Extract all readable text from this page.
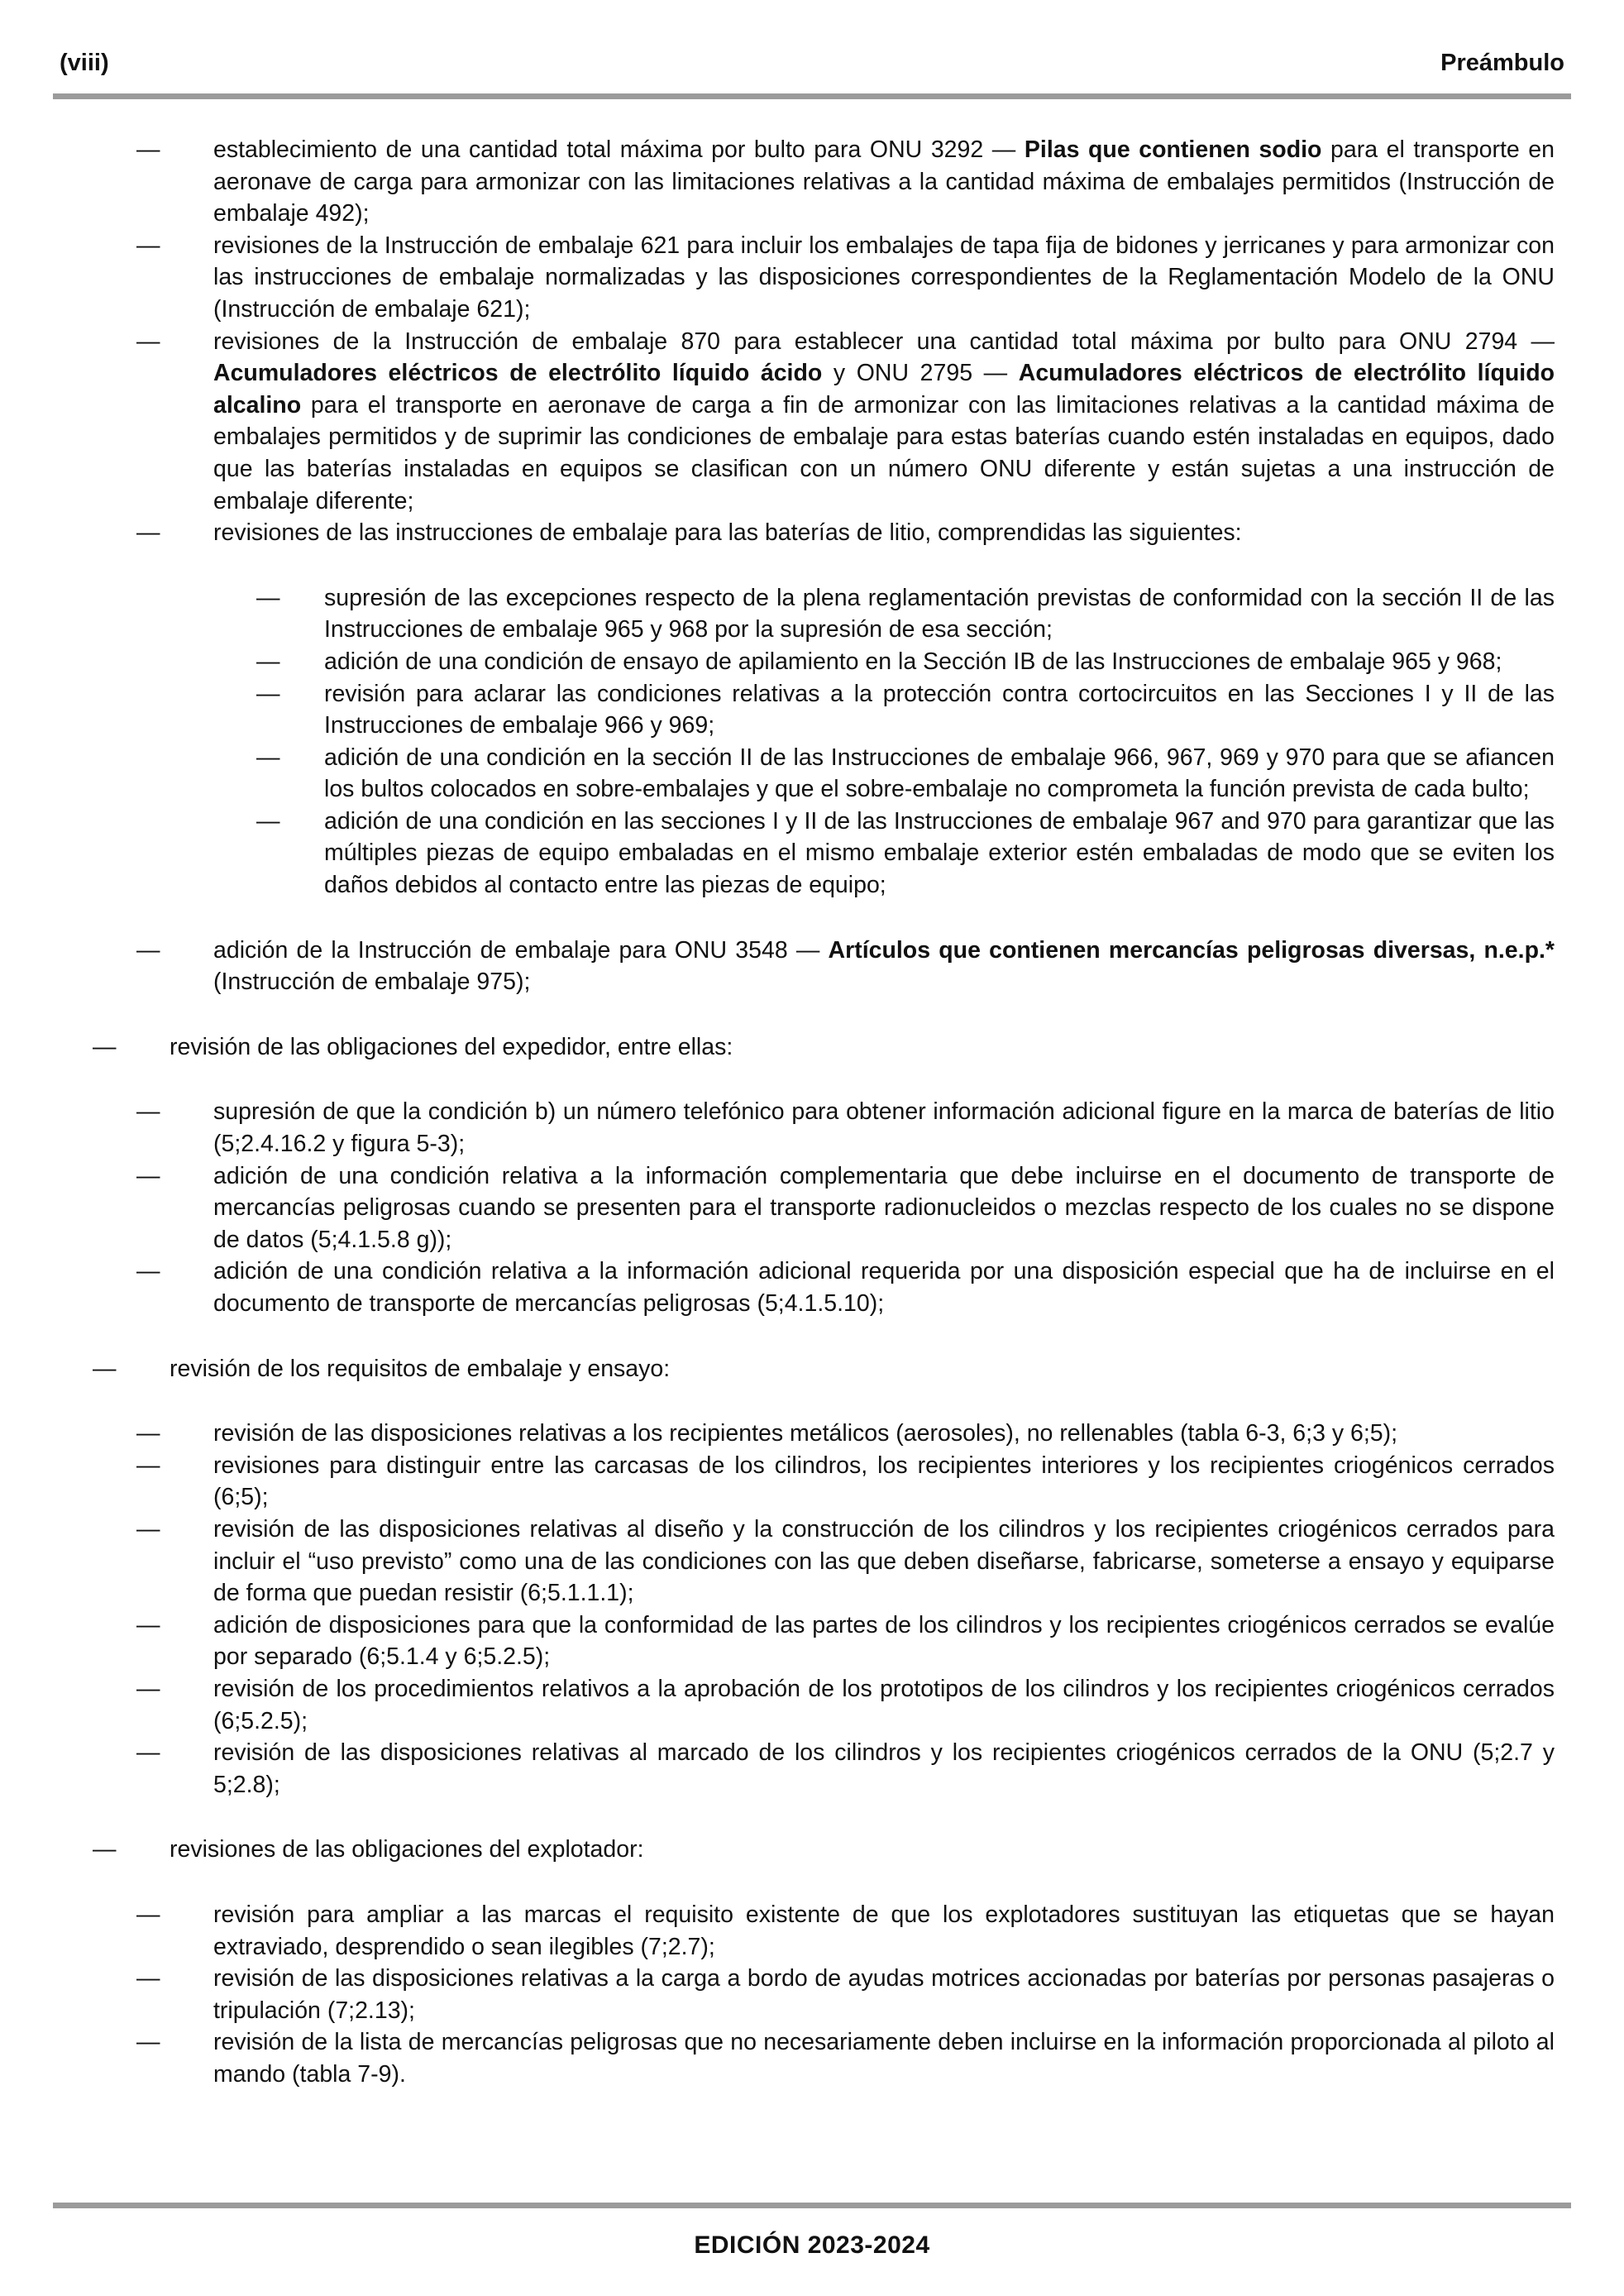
(viii)	Preámbulo
— establecimiento de una cantidad total máxima por bulto para ONU 3292 — Pilas que contienen sodio para el transporte en aeronave de carga para armonizar con las limitaciones relativas a la cantidad máxima de embalajes permitidos (Instrucción de embalaje 492);
— revisiones de la Instrucción de embalaje 621 para incluir los embalajes de tapa fija de bidones y jerricanes y para armonizar con las instrucciones de embalaje normalizadas y las disposiciones correspondientes de la Reglamentación Modelo de la ONU (Instrucción de embalaje 621);
— revisiones de la Instrucción de embalaje 870 para establecer una cantidad total máxima por bulto para ONU 2794 — Acumuladores eléctricos de electrólito líquido ácido y ONU 2795 — Acumuladores eléctricos de electrólito líquido alcalino para el transporte en aeronave de carga a fin de armonizar con las limitaciones relativas a la cantidad máxima de embalajes permitidos y de suprimir las condiciones de embalaje para estas baterías cuando estén instaladas en equipos, dado que las baterías instaladas en equipos se clasifican con un número ONU diferente y están sujetas a una instrucción de embalaje diferente;
— revisiones de las instrucciones de embalaje para las baterías de litio, comprendidas las siguientes:
— supresión de las excepciones respecto de la plena reglamentación previstas de conformidad con la sección II de las Instrucciones de embalaje 965 y 968 por la supresión de esa sección;
— adición de una condición de ensayo de apilamiento en la Sección IB de las Instrucciones de embalaje 965 y 968;
— revisión para aclarar las condiciones relativas a la protección contra cortocircuitos en las Secciones I y II de las Instrucciones de embalaje 966 y 969;
— adición de una condición en la sección II de las Instrucciones de embalaje 966, 967, 969 y 970 para que se afiancen los bultos colocados en sobre-embalajes y que el sobre-embalaje no comprometa la función prevista de cada bulto;
— adición de una condición en las secciones I y II de las Instrucciones de embalaje 967 and 970 para garantizar que las múltiples piezas de equipo embaladas en el mismo embalaje exterior estén embaladas de modo que se eviten los daños debidos al contacto entre las piezas de equipo;
— adición de la Instrucción de embalaje para ONU 3548 — Artículos que contienen mercancías peligrosas diversas, n.e.p.* (Instrucción de embalaje 975);
— revisión de las obligaciones del expedidor, entre ellas:
— supresión de que la condición b) un número telefónico para obtener información adicional figure en la marca de baterías de litio (5;2.4.16.2 y figura 5-3);
— adición de una condición relativa a la información complementaria que debe incluirse en el documento de transporte de mercancías peligrosas cuando se presenten para el transporte radionucleidos o mezclas respecto de los cuales no se dispone de datos (5;4.1.5.8 g));
— adición de una condición relativa a la información adicional requerida por una disposición especial que ha de incluirse en el documento de transporte de mercancías peligrosas (5;4.1.5.10);
— revisión de los requisitos de embalaje y ensayo:
— revisión de las disposiciones relativas a los recipientes metálicos (aerosoles), no rellenables (tabla 6-3, 6;3 y 6;5);
— revisiones para distinguir entre las carcasas de los cilindros, los recipientes interiores y los recipientes criogénicos cerrados (6;5);
— revisión de las disposiciones relativas al diseño y la construcción de los cilindros y los recipientes criogénicos cerrados para incluir el “uso previsto” como una de las condiciones con las que deben diseñarse, fabricarse, someterse a ensayo y equiparse de forma que puedan resistir (6;5.1.1.1);
— adición de disposiciones para que la conformidad de las partes de los cilindros y los recipientes criogénicos cerrados se evalúe por separado (6;5.1.4 y 6;5.2.5);
— revisión de los procedimientos relativos a la aprobación de los prototipos de los cilindros y los recipientes criogénicos cerrados (6;5.2.5);
— revisión de las disposiciones relativas al marcado de los cilindros y los recipientes criogénicos cerrados de la ONU (5;2.7 y 5;2.8);
— revisiones de las obligaciones del explotador:
— revisión para ampliar a las marcas el requisito existente de que los explotadores sustituyan las etiquetas que se hayan extraviado, desprendido o sean ilegibles (7;2.7);
— revisión de las disposiciones relativas a la carga a bordo de ayudas motrices accionadas por baterías por personas pasajeras o tripulación (7;2.13);
— revisión de la lista de mercancías peligrosas que no necesariamente deben incluirse en la información proporcionada al piloto al mando (tabla 7-9).
EDICIÓN 2023-2024
